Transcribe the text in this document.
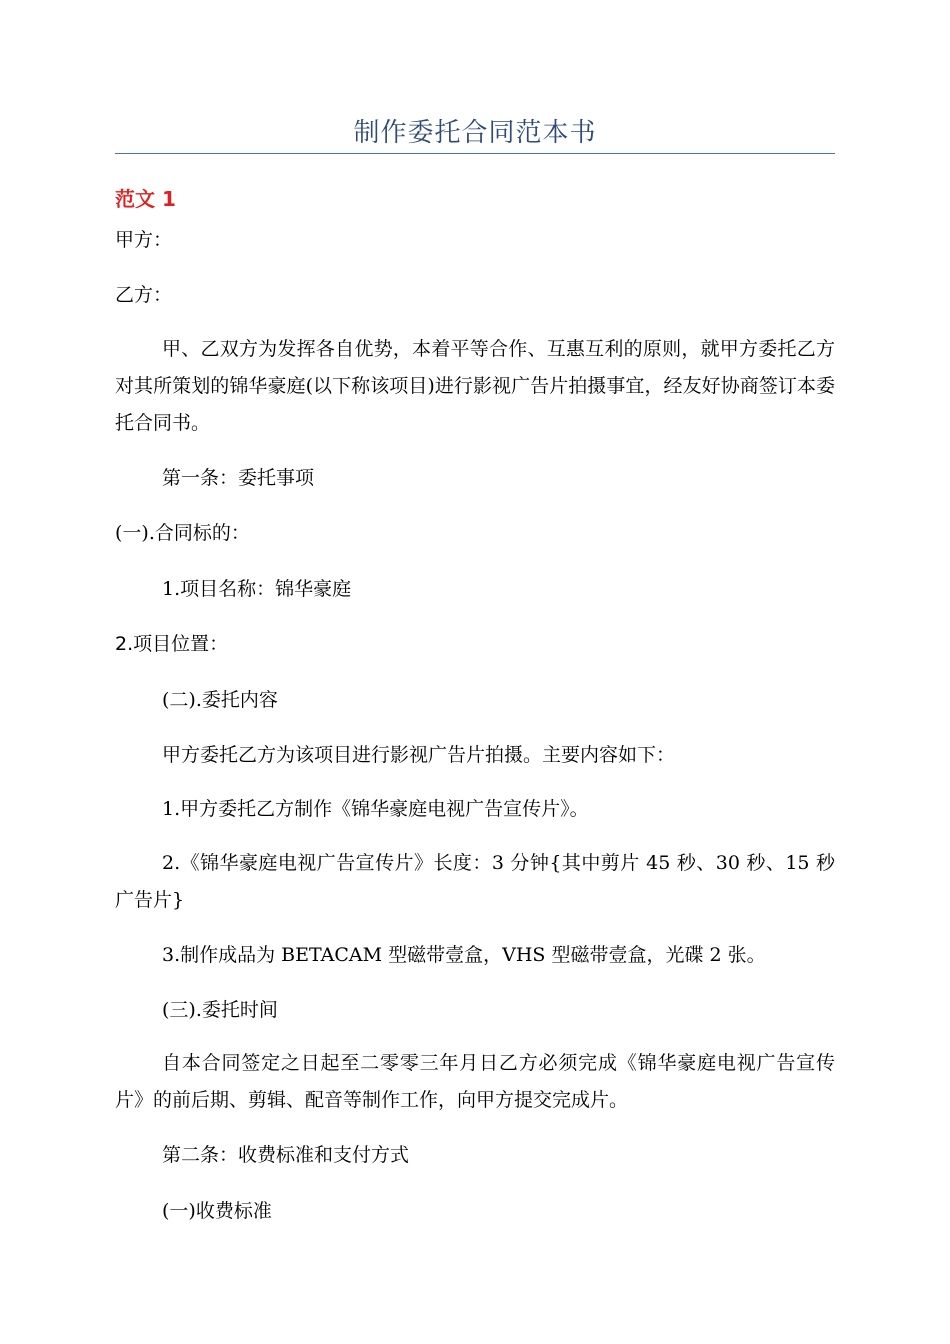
制作委托合同范本书
范文 1
甲方：
乙方：
甲、乙双方为发挥各自优势，本着平等合作、互惠互利的原则，就甲方委托乙方对其所策划的锦华豪庭(以下称该项目)进行影视广告片拍摄事宜，经友好协商签订本委托合同书。
第一条：委托事项
(一).合同标的：
1.项目名称：锦华豪庭
2.项目位置：
(二).委托内容
甲方委托乙方为该项目进行影视广告片拍摄。主要内容如下：
1.甲方委托乙方制作《锦华豪庭电视广告宣传片》。
2.《锦华豪庭电视广告宣传片》长度：3 分钟{其中剪片 45 秒、30 秒、15 秒广告片}
3.制作成品为 BETACAM 型磁带壹盒，VHS 型磁带壹盒，光碟 2 张。
(三).委托时间
自本合同签定之日起至二零零三年月日乙方必须完成《锦华豪庭电视广告宣传片》的前后期、剪辑、配音等制作工作，向甲方提交完成片。
第二条：收费标准和支付方式
(一)收费标准
